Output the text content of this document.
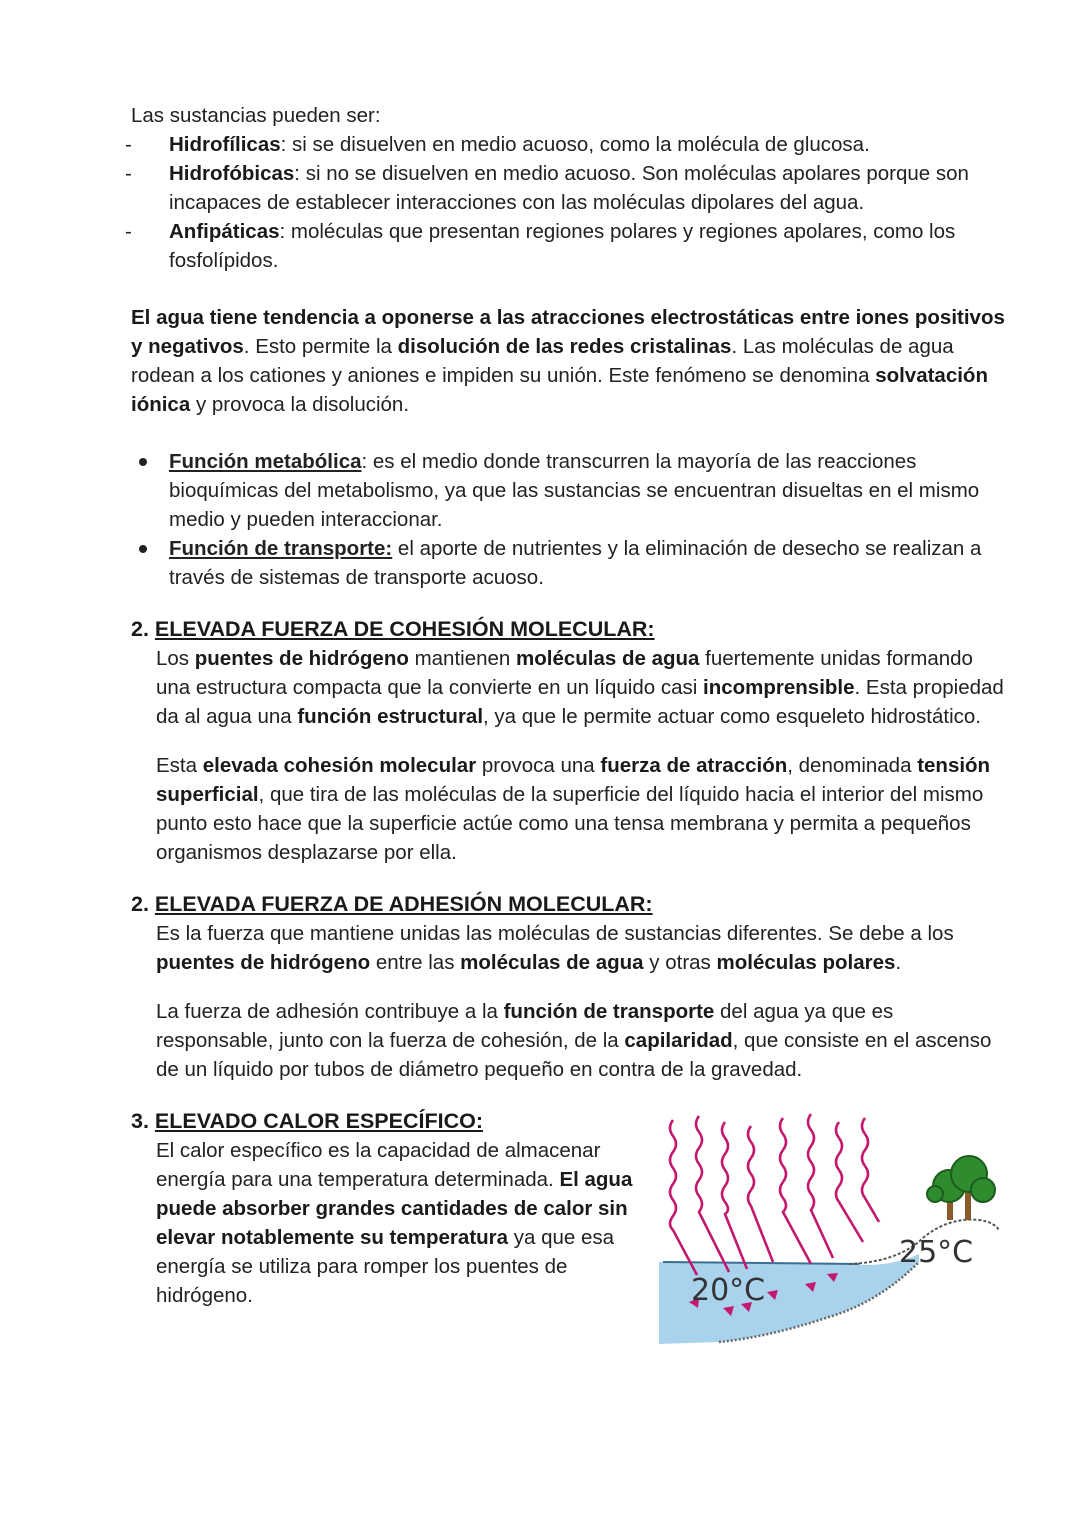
Las sustancias pueden ser:

- Hidrofílicas: si se disuelven en medio acuoso, como la molécula de glucosa.
- Hidrofóbicas: si no se disuelven en medio acuoso. Son moléculas apolares porque son incapaces de establecer interacciones con las moléculas dipolares del agua.
- Anfipáticas: moléculas que presentan regiones polares y regiones apolares, como los fosfolípidos.

El agua tiene tendencia a oponerse a las atracciones electrostáticas entre iones positivos y negativos. Esto permite la disolución de las redes cristalinas. Las moléculas de agua rodean a los cationes y aniones e impiden su unión. Este fenómeno se denomina solvatación iónica y provoca la disolución.

Función metabólica: es el medio donde transcurren la mayoría de las reacciones bioquímicas del metabolismo, ya que las sustancias se encuentran disueltas en el mismo medio y pueden interaccionar.
Función de transporte: el aporte de nutrientes y la eliminación de desecho se realizan a través de sistemas de transporte acuoso.
2. ELEVADA FUERZA DE COHESIÓN MOLECULAR:

Los puentes de hidrógeno mantienen moléculas de agua fuertemente unidas formando una estructura compacta que la convierte en un líquido casi incomprensible. Esta propiedad da al agua una función estructural, ya que le permite actuar como esqueleto hidrostático.

Esta elevada cohesión molecular provoca una fuerza de atracción, denominada tensión superficial, que tira de las moléculas de la superficie del líquido hacia el interior del mismo punto esto hace que la superficie actúe como una tensa membrana y permita a pequeños organismos desplazarse por ella.

2. ELEVADA FUERZA DE ADHESIÓN MOLECULAR:

Es la fuerza que mantiene unidas las moléculas de sustancias diferentes. Se debe a los puentes de hidrógeno entre las moléculas de agua y otras moléculas polares.

La fuerza de adhesión contribuye a la función de transporte del agua ya que es responsable, junto con la fuerza de cohesión, de la capilaridad, que consiste en el ascenso de un líquido por tubos de diámetro pequeño en contra de la gravedad.

3. ELEVADO CALOR ESPECÍFICO:

El calor específico es la capacidad de almacenar energía para una temperatura determinada. El agua puede absorber grandes cantidades de calor sin elevar notablemente su temperatura ya que esa energía se utiliza para romper los puentes de hidrógeno.	20°C
25°C
